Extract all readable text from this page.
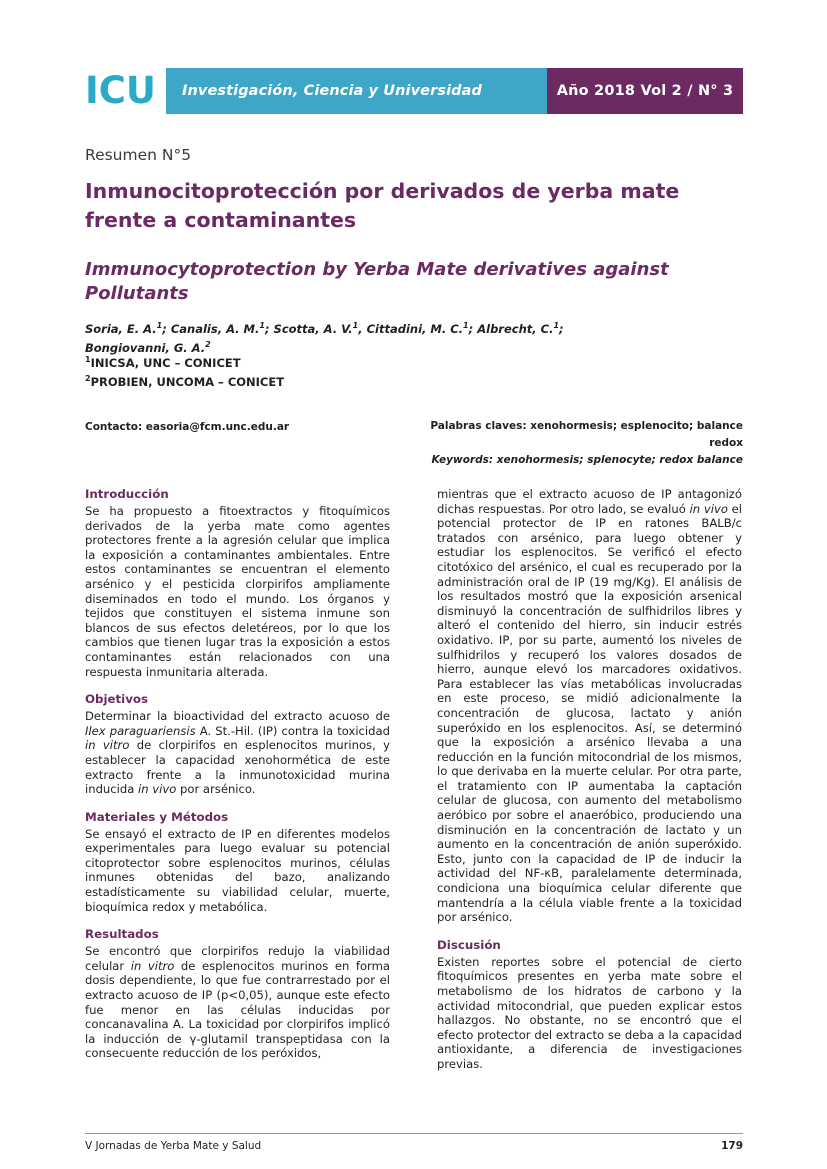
ICU	Investigación, Ciencia y Universidad	Año 2018 Vol 2 / N° 3
Resumen N°5
Inmunocitoprotección por derivados de yerba mate frente a contaminantes
Immunocytoprotection by Yerba Mate derivatives against Pollutants
Soria, E. A.$^1$; Canalis, A. M.$^1$; Scotta, A. V.$^1$, Cittadini, M. C.$^1$; Albrecht, C.$^1$; Bongiovanni, G. A.$^2$
$^1$INICSA, UNC – CONICET
$^2$PROBIEN, UNCOMA – CONICET
Contacto: easoria@fcm.unc.edu.ar	Palabras claves: xenohormesis; esplenocito; balance redox
Keywords: xenohormesis; splenocyte; redox balance
Introducción

Se ha propuesto a fitoextractos y fitoquímicos derivados de la yerba mate como agentes protectores frente a la agresión celular que implica la exposición a contaminantes ambientales. Entre estos contaminantes se encuentran el elemento arsénico y el pesticida clorpirifos ampliamente diseminados en todo el mundo. Los órganos y tejidos que constituyen el sistema inmune son blancos de sus efectos deletéreos, por lo que los cambios que tienen lugar tras la exposición a estos contaminantes están relacionados con una respuesta inmunitaria alterada.

Objetivos

Determinar la bioactividad del extracto acuoso de Ilex paraguariensis A. St.-Hil. (IP) contra la toxicidad in vitro de clorpirifos en esplenocitos murinos, y establecer la capacidad xenohormética de este extracto frente a la inmunotoxicidad murina inducida in vivo por arsénico.

Materiales y Métodos

Se ensayó el extracto de IP en diferentes modelos experimentales para luego evaluar su potencial citoprotector sobre esplenocitos murinos, células inmunes obtenidas del bazo, analizando estadísticamente su viabilidad celular, muerte, bioquímica redox y metabólica.

Resultados

Se encontró que clorpirifos redujo la viabilidad celular in vitro de esplenocitos murinos en forma dosis dependiente, lo que fue contrarrestado por el extracto acuoso de IP (p<0,05), aunque este efecto fue menor en las células inducidas por concanavalina A. La toxicidad por clorpirifos implicó la inducción de γ-glutamil transpeptidasa con la consecuente reducción de los peróxidos,

mientras que el extracto acuoso de IP antagonizó dichas respuestas. Por otro lado, se evaluó in vivo el potencial protector de IP en ratones BALB/c tratados con arsénico, para luego obtener y estudiar los esplenocitos. Se verificó el efecto citotóxico del arsénico, el cual es recuperado por la administración oral de IP (19 mg/Kg). El análisis de los resultados mostró que la exposición arsenical disminuyó la concentración de sulfhidrilos libres y alteró el contenido del hierro, sin inducir estrés oxidativo. IP, por su parte, aumentó los niveles de sulfhidrilos y recuperó los valores dosados de hierro, aunque elevó los marcadores oxidativos. Para establecer las vías metabólicas involucradas en este proceso, se midió adicionalmente la concentración de glucosa, lactato y anión superóxido en los esplenocitos. Así, se determinó que la exposición a arsénico llevaba a una reducción en la función mitocondrial de los mismos, lo que derivaba en la muerte celular. Por otra parte, el tratamiento con IP aumentaba la captación celular de glucosa, con aumento del metabolismo aeróbico por sobre el anaeróbico, produciendo una disminución en la concentración de lactato y un aumento en la concentración de anión superóxido. Esto, junto con la capacidad de IP de inducir la actividad del NF-κB, paralelamente determinada, condiciona una bioquímica celular diferente que mantendría a la célula viable frente a la toxicidad por arsénico.

Discusión

Existen reportes sobre el potencial de cierto fitoquímicos presentes en yerba mate sobre el metabolismo de los hidratos de carbono y la actividad mitocondrial, que pueden explicar estos hallazgos. No obstante, no se encontró que el efecto protector del extracto se deba a la capacidad antioxidante, a diferencia de investigaciones previas.

V Jornadas de Yerba Mate y Salud	179
